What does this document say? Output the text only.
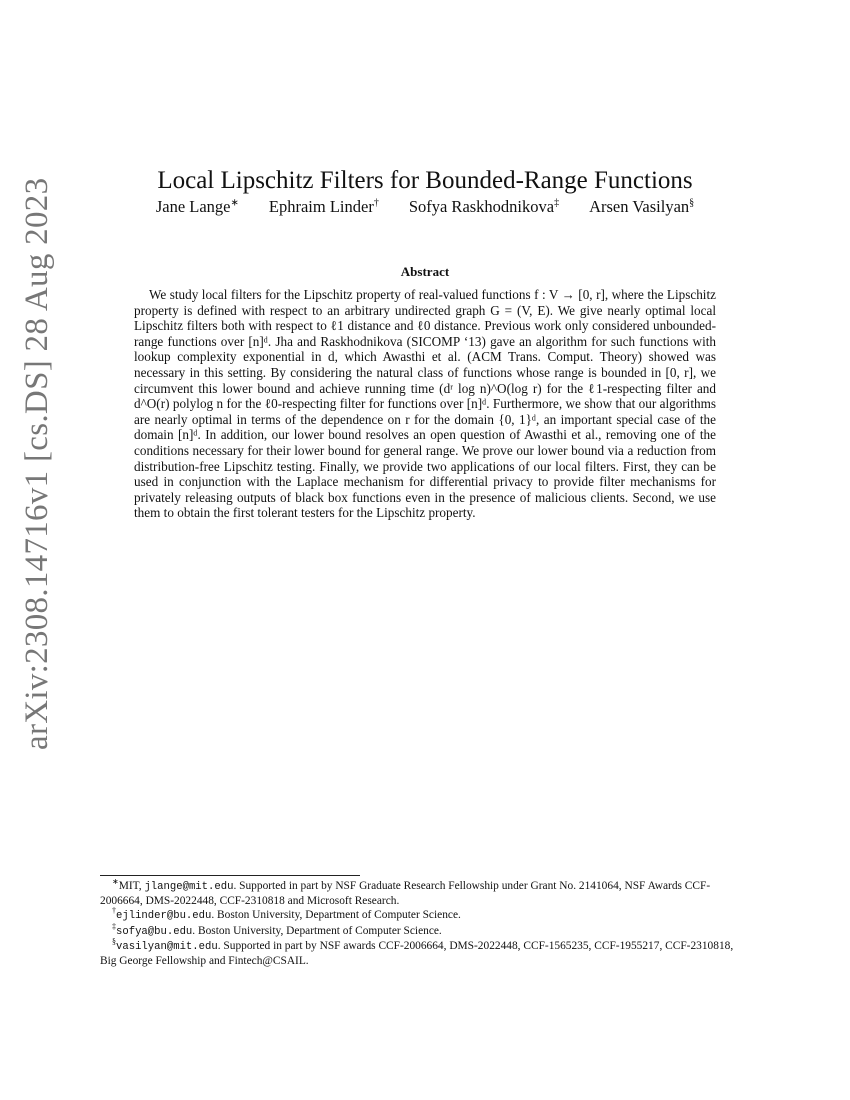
arXiv:2308.14716v1 [cs.DS] 28 Aug 2023	Local Lipschitz Filters for Bounded-Range Functions
Jane Lange∗ Ephraim Linder† Sofya Raskhodnikova‡ Arsen Vasilyan§
Abstract

We study local filters for the Lipschitz property of real-valued functions f : V → [0, r], where the Lipschitz property is defined with respect to an arbitrary undirected graph G = (V, E). We give nearly optimal local Lipschitz filters both with respect to ℓ1 distance and ℓ0 distance. Previous work only considered unbounded-range functions over [n]ᵈ. Jha and Raskhodnikova (SICOMP ‘13) gave an algorithm for such functions with lookup complexity exponential in d, which Awasthi et al. (ACM Trans. Comput. Theory) showed was necessary in this setting. By considering the natural class of functions whose range is bounded in [0, r], we circumvent this lower bound and achieve running time (dʳ log n)^O(log r) for the ℓ1-respecting filter and d^O(r) polylog n for the ℓ0-respecting filter for functions over [n]ᵈ. Furthermore, we show that our algorithms are nearly optimal in terms of the dependence on r for the domain {0, 1}ᵈ, an important special case of the domain [n]ᵈ. In addition, our lower bound resolves an open question of Awasthi et al., removing one of the conditions necessary for their lower bound for general range. We prove our lower bound via a reduction from distribution-free Lipschitz testing. Finally, we provide two applications of our local filters. First, they can be used in conjunction with the Laplace mechanism for differential privacy to provide filter mechanisms for privately releasing outputs of black box functions even in the presence of malicious clients. Second, we use them to obtain the first tolerant testers for the Lipschitz property.

∗MIT, jlange@mit.edu. Supported in part by NSF Graduate Research Fellowship under Grant No. 2141064, NSF Awards CCF-2006664, DMS-2022448, CCF-2310818 and Microsoft Research.

†ejlinder@bu.edu. Boston University, Department of Computer Science.

‡sofya@bu.edu. Boston University, Department of Computer Science.

§vasilyan@mit.edu. Supported in part by NSF awards CCF-2006664, DMS-2022448, CCF-1565235, CCF-1955217, CCF-2310818, Big George Fellowship and Fintech@CSAIL.
